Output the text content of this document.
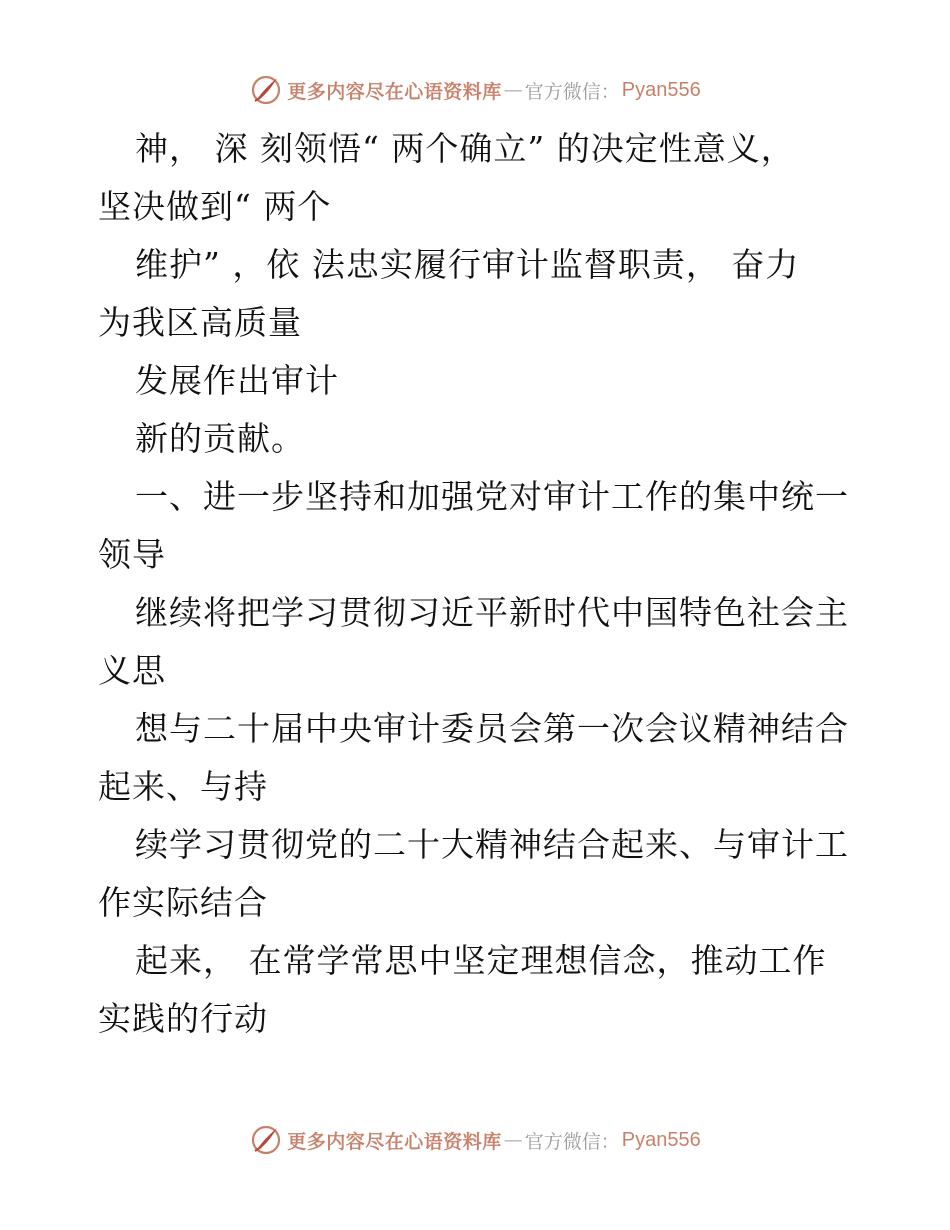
更多内容尽在心语资料库 — 官方微信： Pyan556
神， 深 刻领悟“ 两个确立” 的决定性意义，
坚决做到“ 两个
维护” ，依 法忠实履行审计监督职责， 奋力
为我区高质量
发展作出审计
新的贡献。
一、进一步坚持和加强党对审计工作的集中统一
领导
继续将把学习贯彻习近平新时代中国特色社会主
义思
想与二十届中央审计委员会第一次会议精神结合
起来、与持
续学习贯彻党的二十大精神结合起来、与审计工
作实际结合
起来， 在常学常思中坚定理想信念，推动工作
实践的行动
更多内容尽在心语资料库 — 官方微信： Pyan556
